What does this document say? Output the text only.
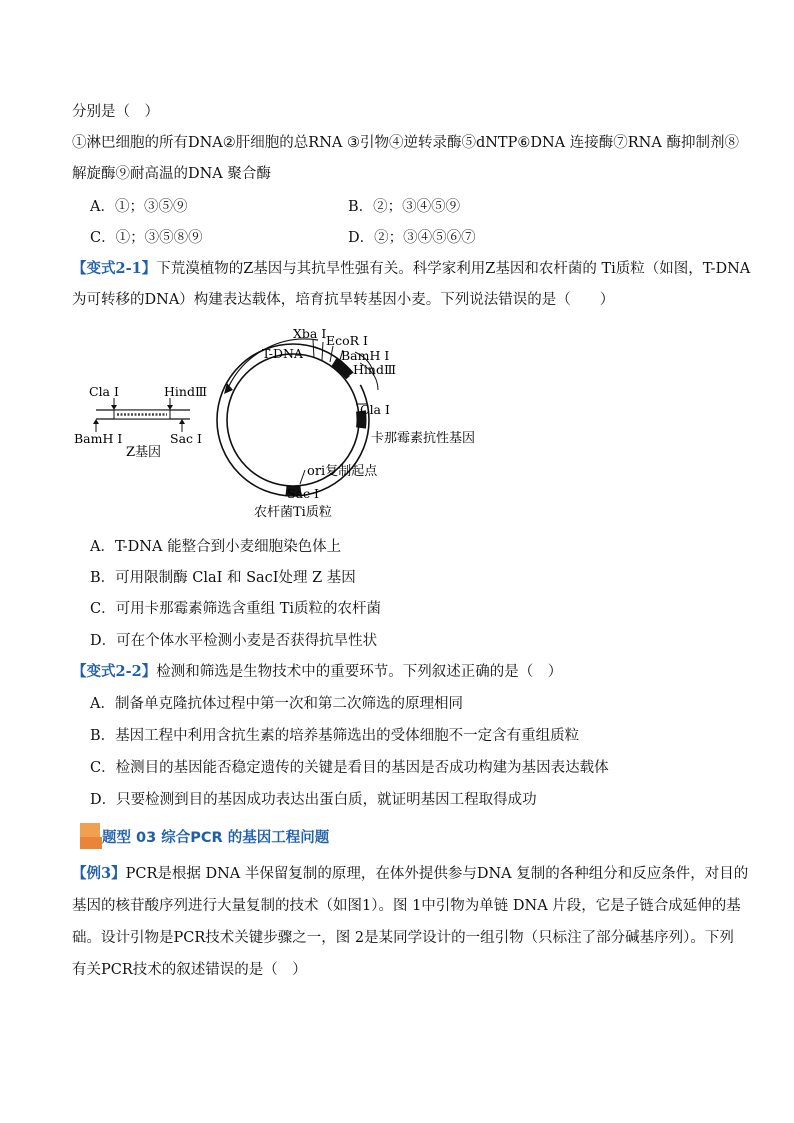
分别是（　）
①淋巴细胞的所有DNA②肝细胞的总RNA ③引物④逆转录酶⑤dNTP⑥DNA 连接酶⑦RNA 酶抑制剂⑧
解旋酶⑨耐高温的DNA 聚合酶
A．①；③⑤⑨	B．②；③④⑤⑨
C．①；③⑤⑧⑨	D．②；③④⑤⑥⑦
【变式2-1】下荒漠植物的Z基因与其抗旱性强有关。科学家利用Z基因和农杆菌的 Ti质粒（如图，T-DNA
为可转移的DNA）构建表达载体，培育抗旱转基因小麦。下列说法错误的是（　　）
Cla Ⅰ	HindⅢ
BamH Ⅰ	Sac Ⅰ
Z基因
T-DNA
Xba Ⅰ EcoR Ⅰ
BamH Ⅰ
HindⅢ
Cla Ⅰ
卡那霉素抗性基因
ori复制起点
Sac Ⅰ
农杆菌Ti质粒
A．T-DNA 能整合到小麦细胞染色体上
B．可用限制酶 ClaI 和 SacI处理 Z 基因
C．可用卡那霉素筛选含重组 Ti质粒的农杆菌
D．可在个体水平检测小麦是否获得抗旱性状
【变式2-2】检测和筛选是生物技术中的重要环节。下列叙述正确的是（　）
A．制备单克隆抗体过程中第一次和第二次筛选的原理相同
B．基因工程中利用含抗生素的培养基筛选出的受体细胞不一定含有重组质粒
C．检测目的基因能否稳定遗传的关键是看目的基因是否成功构建为基因表达载体
D．只要检测到目的基因成功表达出蛋白质，就证明基因工程取得成功
题型 03 综合PCR 的基因工程问题
【例3】PCR是根据 DNA 半保留复制的原理，在体外提供参与DNA 复制的各种组分和反应条件，对目的
基因的核苷酸序列进行大量复制的技术（如图1）。图 1中引物为单链 DNA 片段，它是子链合成延伸的基
础。设计引物是PCR技术关键步骤之一，图 2是某同学设计的一组引物（只标注了部分碱基序列）。下列
有关PCR技术的叙述错误的是（　）
